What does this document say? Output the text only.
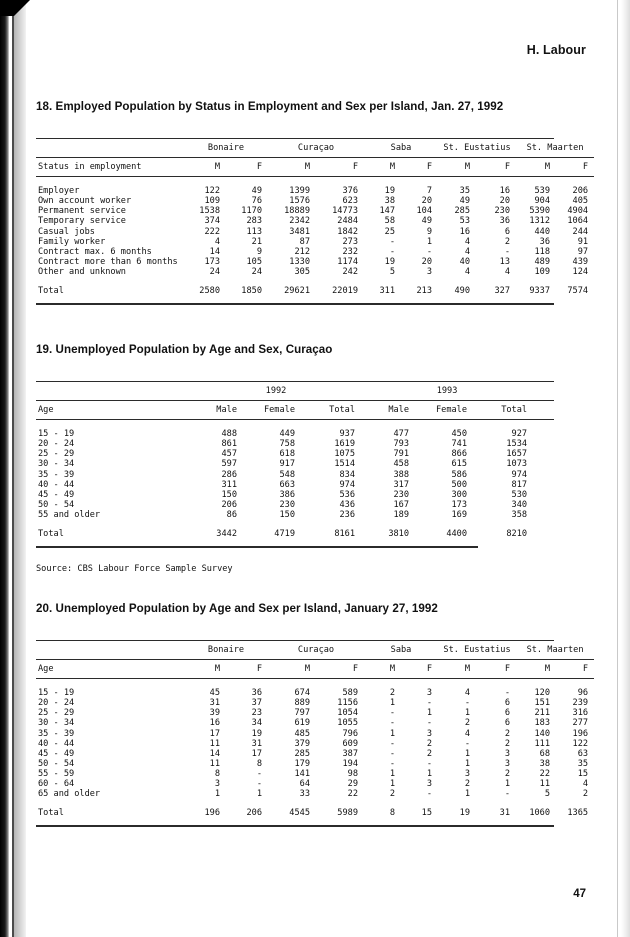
H. Labour
18. Employed Population by Status in Employment and Sex per Island, Jan. 27, 1992
	Bonaire		Curaçao		Saba		St. Eustatius		St. Maarten	

Status in employment	M	F	M	F	M	F	M	F	M	F

Employer	122	49	1399	376	19	7	35	16	539	206
Own account worker	109	76	1576	623	38	20	49	20	904	405
Permanent service	1538	1170	18889	14773	147	104	285	230	5390	4904
Temporary service	374	283	2342	2484	58	49	53	36	1312	1064
Casual jobs	222	113	3481	1842	25	9	16	6	440	244
Family worker	4	21	87	273	-	1	4	2	36	91
Contract max. 6 months	14	9	212	232	-	-	4	-	118	97
Contract more than 6 months	173	105	1330	1174	19	20	40	13	489	439
Other and unknown	24	24	305	242	5	3	4	4	109	124

Total	2580	1850	29621	22019	311	213	490	327	9337	7574

19. Unemployed Population by Age and Sex, Curaçao
	1992			1993			

Age	Male	Female	Total	Male	Female	Total	

15 - 19	488	449	937	477	450	927	
20 - 24	861	758	1619	793	741	1534	
25 - 29	457	618	1075	791	866	1657	
30 - 34	597	917	1514	458	615	1073	
35 - 39	286	548	834	388	586	974	
40 - 44	311	663	974	317	500	817	
45 - 49	150	386	536	230	300	530	
50 - 54	206	230	436	167	173	340	
55 and older	86	150	236	189	169	358	

Total	3442	4719	8161	3810	4400	8210	

Source: CBS Labour Force Sample Survey
20. Unemployed Population by Age and Sex per Island, January 27, 1992
	Bonaire		Curaçao		Saba		St. Eustatius		St. Maarten	

Age	M	F	M	F	M	F	M	F	M	F

15 - 19	45	36	674	589	2	3	4	-	120	96
20 - 24	31	37	889	1156	1	-	-	6	151	239
25 - 29	39	23	797	1054	-	1	1	6	211	316
30 - 34	16	34	619	1055	-	-	2	6	183	277
35 - 39	17	19	485	796	1	3	4	2	140	196
40 - 44	11	31	379	609	-	2	-	2	111	122
45 - 49	14	17	285	387	-	2	1	3	68	63
50 - 54	11	8	179	194	-	-	1	3	38	35
55 - 59	8	-	141	98	1	1	3	2	22	15
60 - 64	3	-	64	29	1	3	2	1	11	4
65 and older	1	1	33	22	2	-	1	-	5	2

Total	196	206	4545	5989	8	15	19	31	1060	1365

47
